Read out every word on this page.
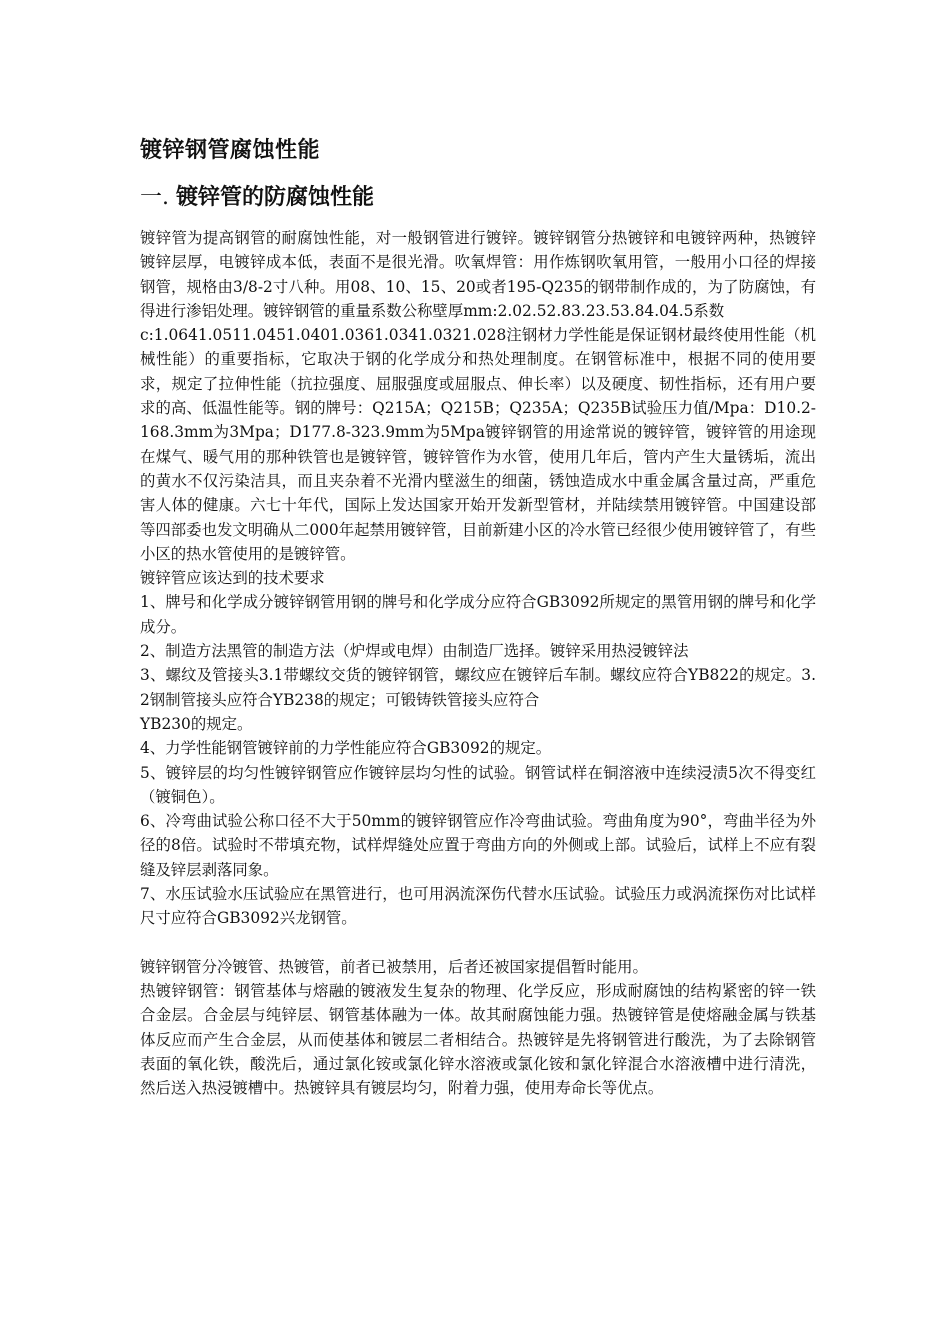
镀锌钢管腐蚀性能
一. 镀锌管的防腐蚀性能

镀锌管为提高钢管的耐腐蚀性能，对一般钢管进行镀锌。镀锌钢管分热镀锌和电镀锌两种，热镀锌镀锌层厚，电镀锌成本低，表面不是很光滑。吹氧焊管：用作炼钢吹氧用管，一般用小口径的焊接钢管，规格由3/8-2寸八种。用08、10、15、20或者195-Q235的钢带制作成的，为了防腐蚀，有得进行渗铝处理。镀锌钢管的重量系数公称壁厚mm:2.02.52.83.23.53.84.04.5系数

c:1.0641.0511.0451.0401.0361.0341.0321.028注钢材力学性能是保证钢材最终使用性能（机械性能）的重要指标，它取决于钢的化学成分和热处理制度。在钢管标准中，根据不同的使用要求，规定了拉伸性能（抗拉强度、屈服强度或屈服点、伸长率）以及硬度、韧性指标，还有用户要求的高、低温性能等。钢的牌号：Q215A；Q215B；Q235A；Q235B试验压力值/Mpa：D10.2-168.3mm为3Mpa；D177.8-323.9mm为5Mpa镀锌钢管的用途常说的镀锌管，镀锌管的用途现在煤气、暖气用的那种铁管也是镀锌管，镀锌管作为水管，使用几年后，管内产生大量锈垢，流出的黄水不仅污染洁具，而且夹杂着不光滑内壁滋生的细菌，锈蚀造成水中重金属含量过高，严重危害人体的健康。六七十年代，国际上发达国家开始开发新型管材，并陆续禁用镀锌管。中国建设部等四部委也发文明确从二000年起禁用镀锌管，目前新建小区的冷水管已经很少使用镀锌管了，有些小区的热水管使用的是镀锌管。

镀锌管应该达到的技术要求

1、牌号和化学成分镀锌钢管用钢的牌号和化学成分应符合GB3092所规定的黑管用钢的牌号和化学成分。

2、制造方法黑管的制造方法（炉焊或电焊）由制造厂选择。镀锌采用热浸镀锌法

3、螺纹及管接头3.1带螺纹交货的镀锌钢管，螺纹应在镀锌后车制。螺纹应符合YB822的规定。3.2钢制管接头应符合YB238的规定；可锻铸铁管接头应符合

YB230的规定。

4、力学性能钢管镀锌前的力学性能应符合GB3092的规定。

5、镀锌层的均匀性镀锌钢管应作镀锌层均匀性的试验。钢管试样在铜溶液中连续浸渍5次不得变红（镀铜色）。

6、冷弯曲试验公称口径不大于50mm的镀锌钢管应作冷弯曲试验。弯曲角度为90°，弯曲半径为外径的8倍。试验时不带填充物，试样焊缝处应置于弯曲方向的外侧或上部。试验后，试样上不应有裂缝及锌层剥落同象。

7、水压试验水压试验应在黑管进行，也可用涡流深伤代替水压试验。试验压力或涡流探伤对比试样尺寸应符合GB3092兴龙钢管。

镀锌钢管分冷镀管、热镀管，前者已被禁用，后者还被国家提倡暂时能用。

热镀锌钢管：钢管基体与熔融的镀液发生复杂的物理、化学反应，形成耐腐蚀的结构紧密的锌一铁合金层。合金层与纯锌层、钢管基体融为一体。故其耐腐蚀能力强。热镀锌管是使熔融金属与铁基体反应而产生合金层，从而使基体和镀层二者相结合。热镀锌是先将钢管进行酸洗，为了去除钢管表面的氧化铁，酸洗后，通过氯化铵或氯化锌水溶液或氯化铵和氯化锌混合水溶液槽中进行清洗，然后送入热浸镀槽中。热镀锌具有镀层均匀，附着力强，使用寿命长等优点。
